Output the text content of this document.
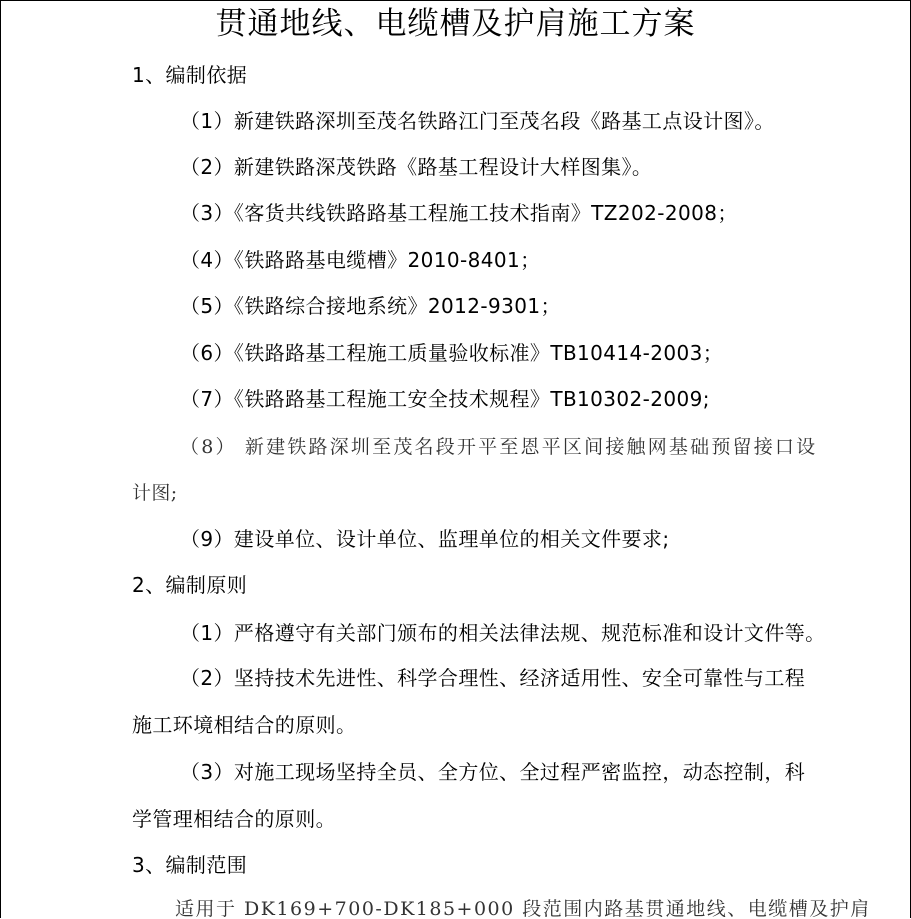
贯通地线、电缆槽及护肩施工方案
1、编制依据
（1）新建铁路深圳至茂名铁路江门至茂名段《路基工点设计图》。
（2）新建铁路深茂铁路《路基工程设计大样图集》。
（3）《客货共线铁路路基工程施工技术指南》TZ202-2008；
（4）《铁路路基电缆槽》2010-8401；
（5）《铁路综合接地系统》2012-9301；
（6）《铁路路基工程施工质量验收标准》TB10414-2003；
（7）《铁路路基工程施工安全技术规程》TB10302-2009;
（8） 新建铁路深圳至茂名段开平至恩平区间接触网基础预留接口设
计图;
（9）建设单位、设计单位、监理单位的相关文件要求;
2、编制原则
（1）严格遵守有关部门颁布的相关法律法规、规范标准和设计文件等。
（2）坚持技术先进性、科学合理性、经济适用性、安全可靠性与工程
施工环境相结合的原则。
（3）对施工现场坚持全员、全方位、全过程严密监控，动态控制，科
学管理相结合的原则。
3、编制范围
适用于 DK169+700-DK185+000 段范围内路基贯通地线、电缆槽及护肩
